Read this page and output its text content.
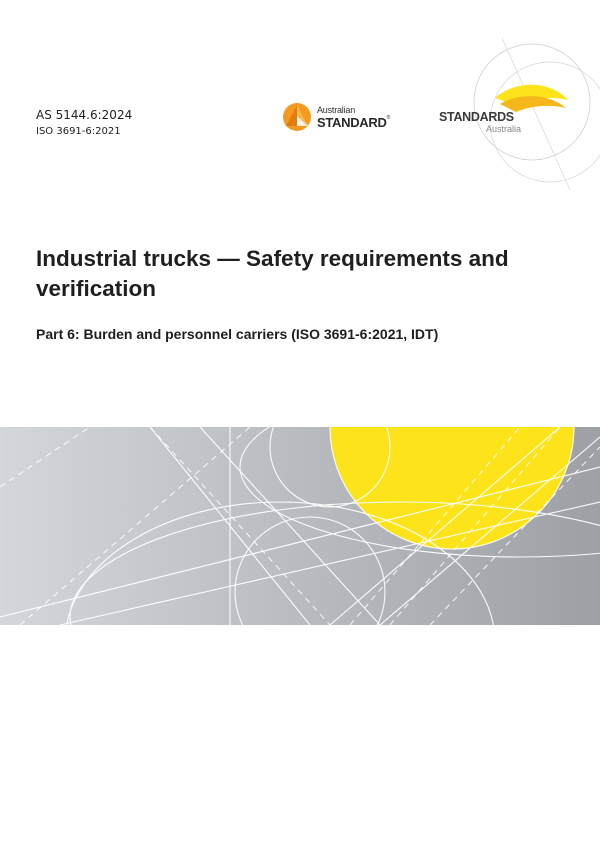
AS 5144.6:2024
ISO 3691-6:2021
Australian
STANDARD®	STANDARDS
Australia
Industrial trucks — Safety requirements and verification
Part 6: Burden and personnel carriers (ISO 3691-6:2021, IDT)
